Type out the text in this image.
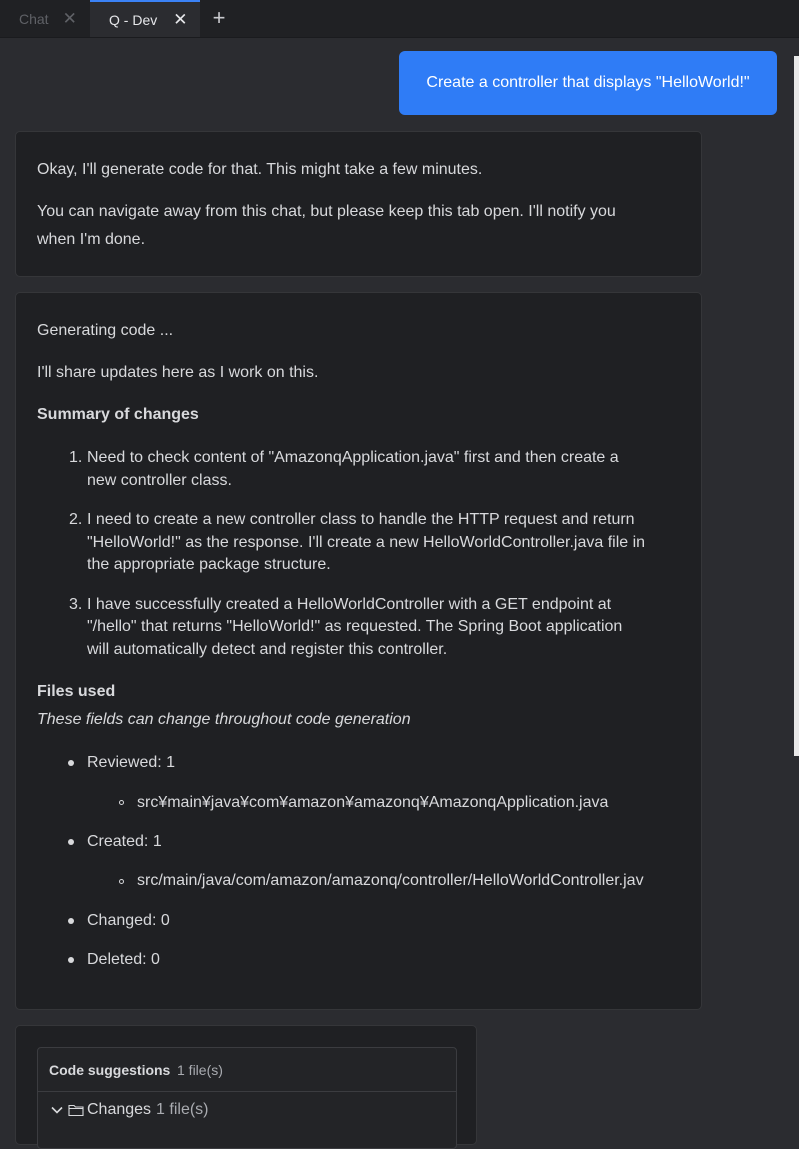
Chat ✕ Q - Dev ✕ +
Create a controller that displays "HelloWorld!"
Okay, I'll generate code for that. This might take a few minutes.
You can navigate away from this chat, but please keep this tab open. I'll notify you
when I'm done.
Generating code ...
I'll share updates here as I work on this.
Summary of changes
1. Need to check content of "AmazonqApplication.java" first and then create a
new controller class.
2. I need to create a new controller class to handle the HTTP request and return
"HelloWorld!" as the response. I'll create a new HelloWorldController.java file in
the appropriate package structure.
3. I have successfully created a HelloWorldController with a GET endpoint at
"/hello" that returns "HelloWorld!" as requested. The Spring Boot application
will automatically detect and register this controller.
Files used
These fields can change throughout code generation
Reviewed: 1
src¥main¥java¥com¥amazon¥amazonq¥AmazonqApplication.java
Created: 1
src/main/java/com/amazon/amazonq/controller/HelloWorldController.jav
Changed: 0
Deleted: 0
Code suggestions 1 file(s)
Changes 1 file(s)
